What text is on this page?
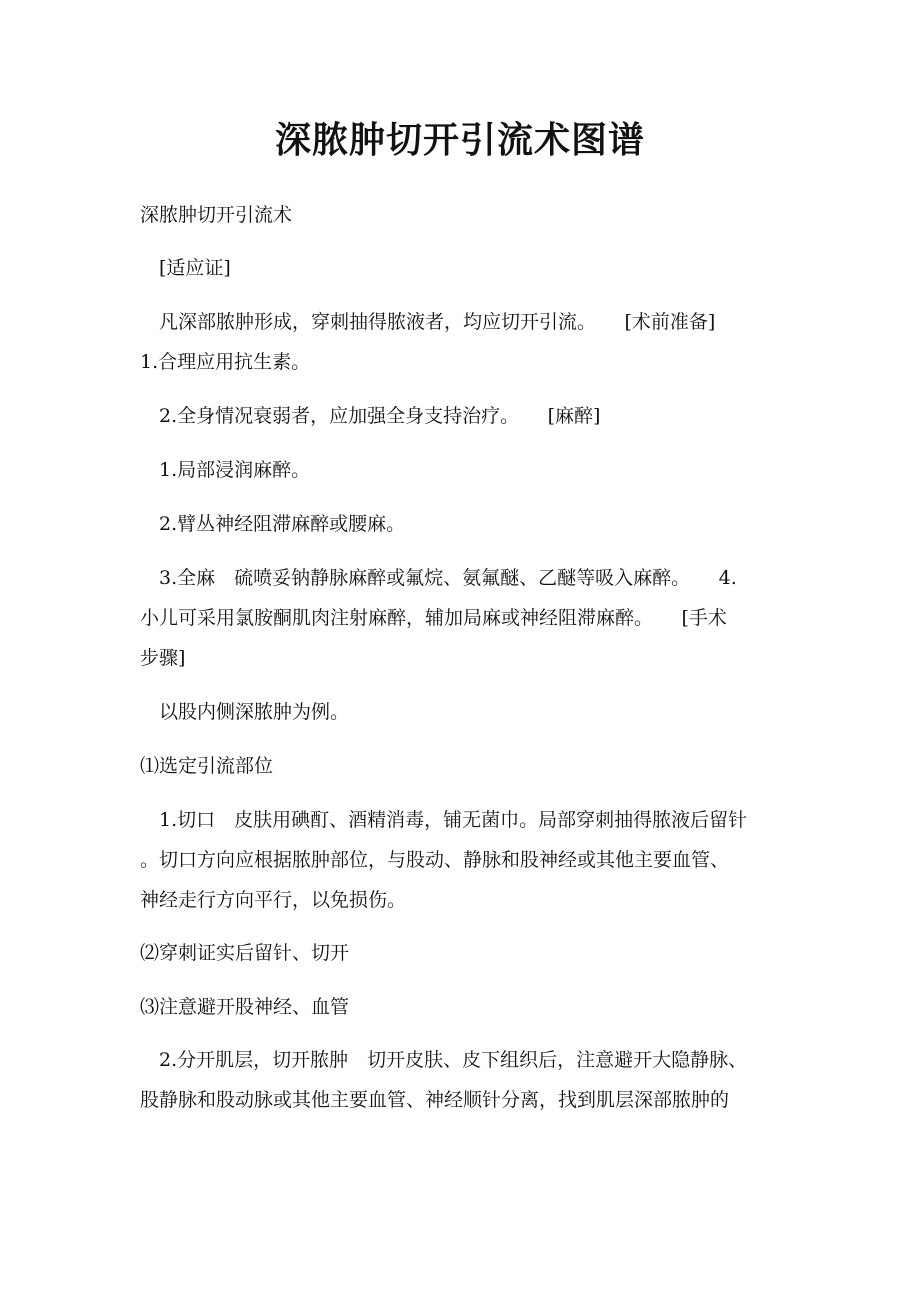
深脓肿切开引流术图谱
深脓肿切开引流术
　[适应证]
　凡深部脓肿形成，穿刺抽得脓液者，均应切开引流。　　[术前准备]
1.合理应用抗生素。
　2.全身情况衰弱者，应加强全身支持治疗。　　[麻醉]
　1.局部浸润麻醉。
　2.臂丛神经阻滞麻醉或腰麻。
　3.全麻　硫喷妥钠静脉麻醉或氟烷、氨氟醚、乙醚等吸入麻醉。　　4.
小儿可采用氯胺酮肌肉注射麻醉，辅加局麻或神经阻滞麻醉。　　[手术
步骤]
　以股内侧深脓肿为例。
⑴选定引流部位
　1.切口　皮肤用碘酊、酒精消毒，铺无菌巾。局部穿刺抽得脓液后留针
。切口方向应根据脓肿部位，与股动、静脉和股神经或其他主要血管、
神经走行方向平行，以免损伤。
⑵穿刺证实后留针、切开
⑶注意避开股神经、血管
　2.分开肌层，切开脓肿　切开皮肤、皮下组织后，注意避开大隐静脉、
股静脉和股动脉或其他主要血管、神经顺针分离，找到肌层深部脓肿的
